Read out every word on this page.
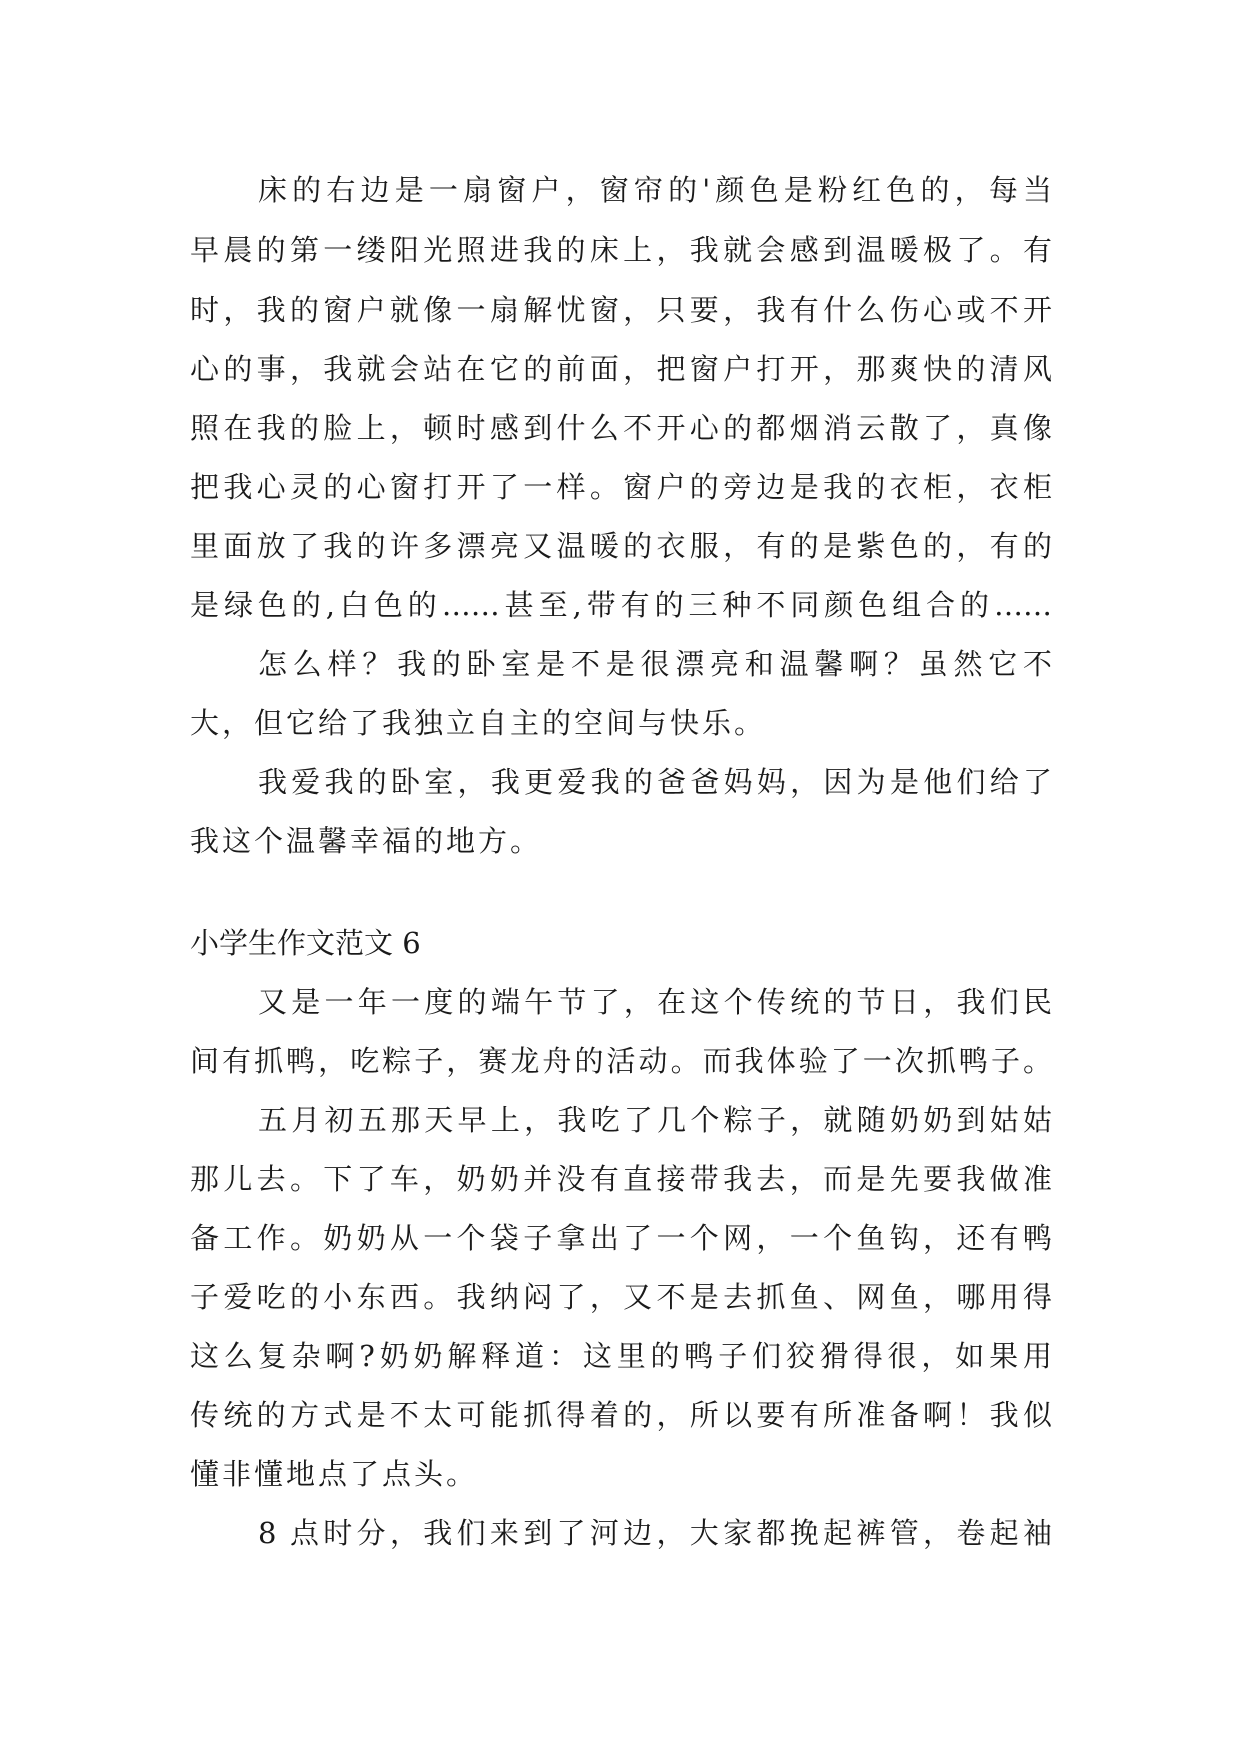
床的右边是一扇窗户，窗帘的'颜色是粉红色的，每当
早晨的第一缕阳光照进我的床上，我就会感到温暖极了。有
时，我的窗户就像一扇解忧窗，只要，我有什么伤心或不开
心的事，我就会站在它的前面，把窗户打开，那爽快的清风
照在我的脸上，顿时感到什么不开心的都烟消云散了，真像
把我心灵的心窗打开了一样。窗户的旁边是我的衣柜，衣柜
里面放了我的许多漂亮又温暖的衣服，有的是紫色的，有的
是绿色的,白色的……甚至,带有的三种不同颜色组合的……
怎么样？我的卧室是不是很漂亮和温馨啊？虽然它不
大，但它给了我独立自主的空间与快乐。
我爱我的卧室，我更爱我的爸爸妈妈，因为是他们给了
我这个温馨幸福的地方。
小学生作文范文 6
又是一年一度的端午节了，在这个传统的节日，我们民
间有抓鸭，吃粽子，赛龙舟的活动。而我体验了一次抓鸭子。
五月初五那天早上，我吃了几个粽子，就随奶奶到姑姑
那儿去。下了车，奶奶并没有直接带我去，而是先要我做准
备工作。奶奶从一个袋子拿出了一个网，一个鱼钩，还有鸭
子爱吃的小东西。我纳闷了，又不是去抓鱼、网鱼，哪用得
这么复杂啊?奶奶解释道：这里的鸭子们狡猾得很，如果用
传统的方式是不太可能抓得着的，所以要有所准备啊！我似
懂非懂地点了点头。
8 点时分，我们来到了河边，大家都挽起裤管，卷起袖
